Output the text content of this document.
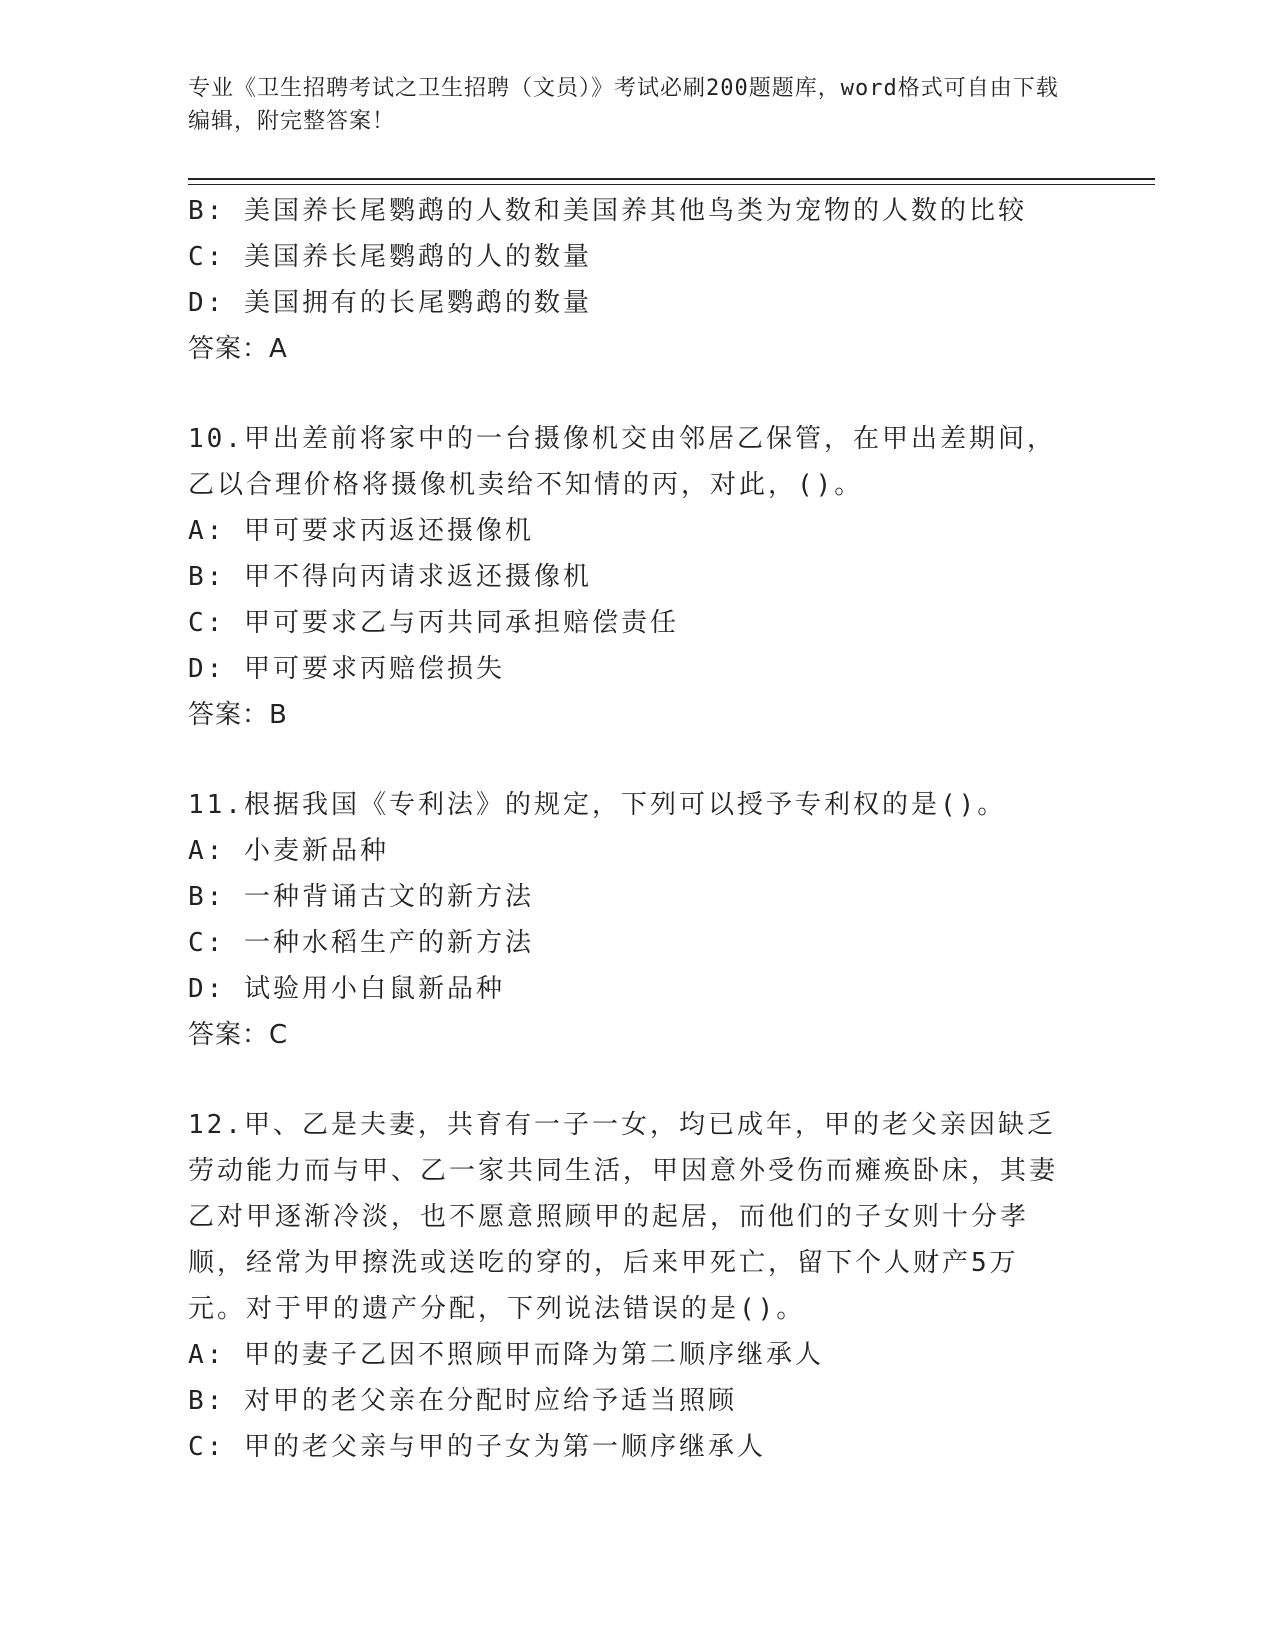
专业《卫生招聘考试之卫生招聘（文员）》考试必刷200题题库，word格式可自由下载编辑，附完整答案！
B: 美国养长尾鹦鹉的人数和美国养其他鸟类为宠物的人数的比较
C: 美国养长尾鹦鹉的人的数量
D: 美国拥有的长尾鹦鹉的数量
答案：A
10.甲出差前将家中的一台摄像机交由邻居乙保管，在甲出差期间，乙以合理价格将摄像机卖给不知情的丙，对此，()。
A: 甲可要求丙返还摄像机
B: 甲不得向丙请求返还摄像机
C: 甲可要求乙与丙共同承担赔偿责任
D: 甲可要求丙赔偿损失
答案：B
11.根据我国《专利法》的规定，下列可以授予专利权的是()。
A: 小麦新品种
B: 一种背诵古文的新方法
C: 一种水稻生产的新方法
D: 试验用小白鼠新品种
答案：C
12.甲、乙是夫妻，共育有一子一女，均已成年，甲的老父亲因缺乏劳动能力而与甲、乙一家共同生活，甲因意外受伤而瘫痪卧床，其妻乙对甲逐渐冷淡，也不愿意照顾甲的起居，而他们的子女则十分孝顺，经常为甲擦洗或送吃的穿的，后来甲死亡，留下个人财产5万元。对于甲的遗产分配，下列说法错误的是()。
A: 甲的妻子乙因不照顾甲而降为第二顺序继承人
B: 对甲的老父亲在分配时应给予适当照顾
C: 甲的老父亲与甲的子女为第一顺序继承人
